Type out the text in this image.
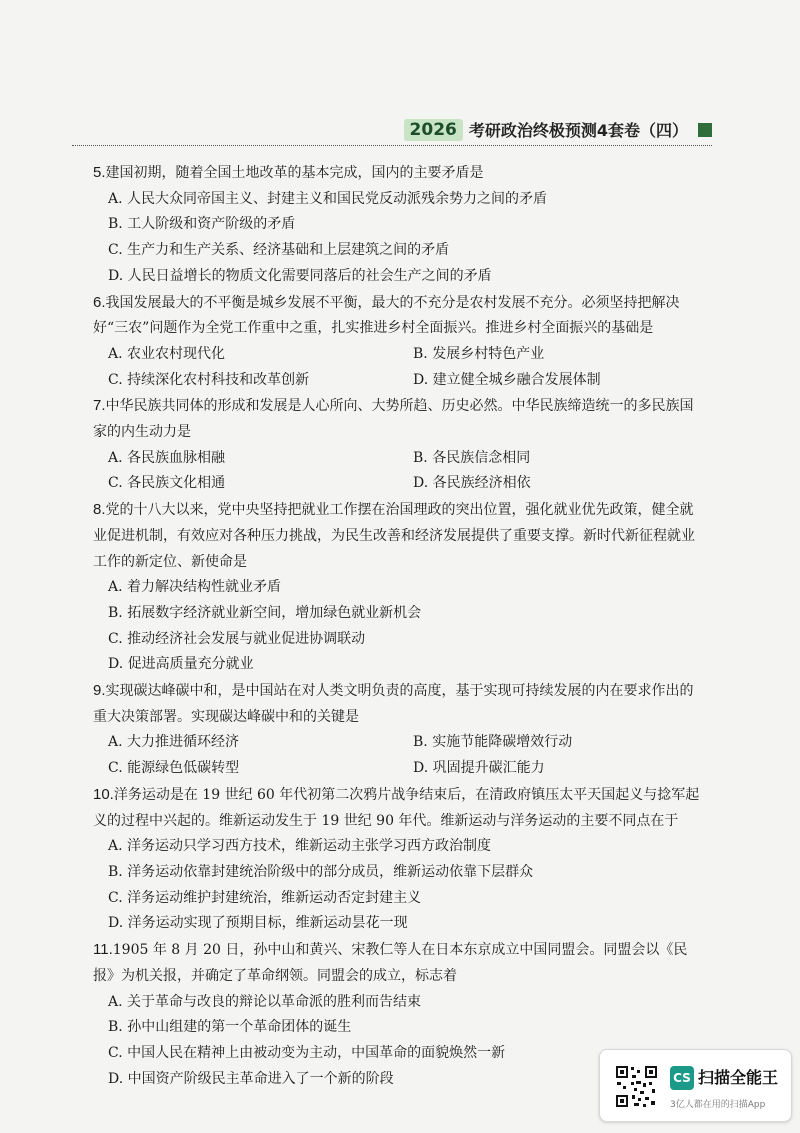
2026 考研政治终极预测4套卷（四）

5.建国初期，随着全国土地改革的基本完成，国内的主要矛盾是

A. 人民大众同帝国主义、封建主义和国民党反动派残余势力之间的矛盾
B. 工人阶级和资产阶级的矛盾
C. 生产力和生产关系、经济基础和上层建筑之间的矛盾
D. 人民日益增长的物质文化需要同落后的社会生产之间的矛盾

6.我国发展最大的不平衡是城乡发展不平衡，最大的不充分是农村发展不充分。必须坚持把解决好“三农”问题作为全党工作重中之重，扎实推进乡村全面振兴。推进乡村全面振兴的基础是

A. 农业农村现代化	B. 发展乡村特色产业
C. 持续深化农村科技和改革创新	D. 建立健全城乡融合发展体制

7.中华民族共同体的形成和发展是人心所向、大势所趋、历史必然。中华民族缔造统一的多民族国家的内生动力是

A. 各民族血脉相融	B. 各民族信念相同
C. 各民族文化相通	D. 各民族经济相依

8.党的十八大以来，党中央坚持把就业工作摆在治国理政的突出位置，强化就业优先政策，健全就业促进机制，有效应对各种压力挑战，为民生改善和经济发展提供了重要支撑。新时代新征程就业工作的新定位、新使命是

A. 着力解决结构性就业矛盾
B. 拓展数字经济就业新空间，增加绿色就业新机会
C. 推动经济社会发展与就业促进协调联动
D. 促进高质量充分就业

9.实现碳达峰碳中和，是中国站在对人类文明负责的高度，基于实现可持续发展的内在要求作出的重大决策部署。实现碳达峰碳中和的关键是

A. 大力推进循环经济	B. 实施节能降碳增效行动
C. 能源绿色低碳转型	D. 巩固提升碳汇能力

10.洋务运动是在 19 世纪 60 年代初第二次鸦片战争结束后，在清政府镇压太平天国起义与捻军起义的过程中兴起的。维新运动发生于 19 世纪 90 年代。维新运动与洋务运动的主要不同点在于

A. 洋务运动只学习西方技术，维新运动主张学习西方政治制度
B. 洋务运动依靠封建统治阶级中的部分成员，维新运动依靠下层群众
C. 洋务运动维护封建统治，维新运动否定封建主义
D. 洋务运动实现了预期目标，维新运动昙花一现

11.1905 年 8 月 20 日，孙中山和黄兴、宋教仁等人在日本东京成立中国同盟会。同盟会以《民报》为机关报，并确定了革命纲领。同盟会的成立，标志着

A. 关于革命与改良的辩论以革命派的胜利而告结束
B. 孙中山组建的第一个革命团体的诞生
C. 中国人民在精神上由被动变为主动，中国革命的面貌焕然一新
D. 中国资产阶级民主革命进入了一个新的阶段	CS 扫描全能王
3亿人都在用的扫描App
